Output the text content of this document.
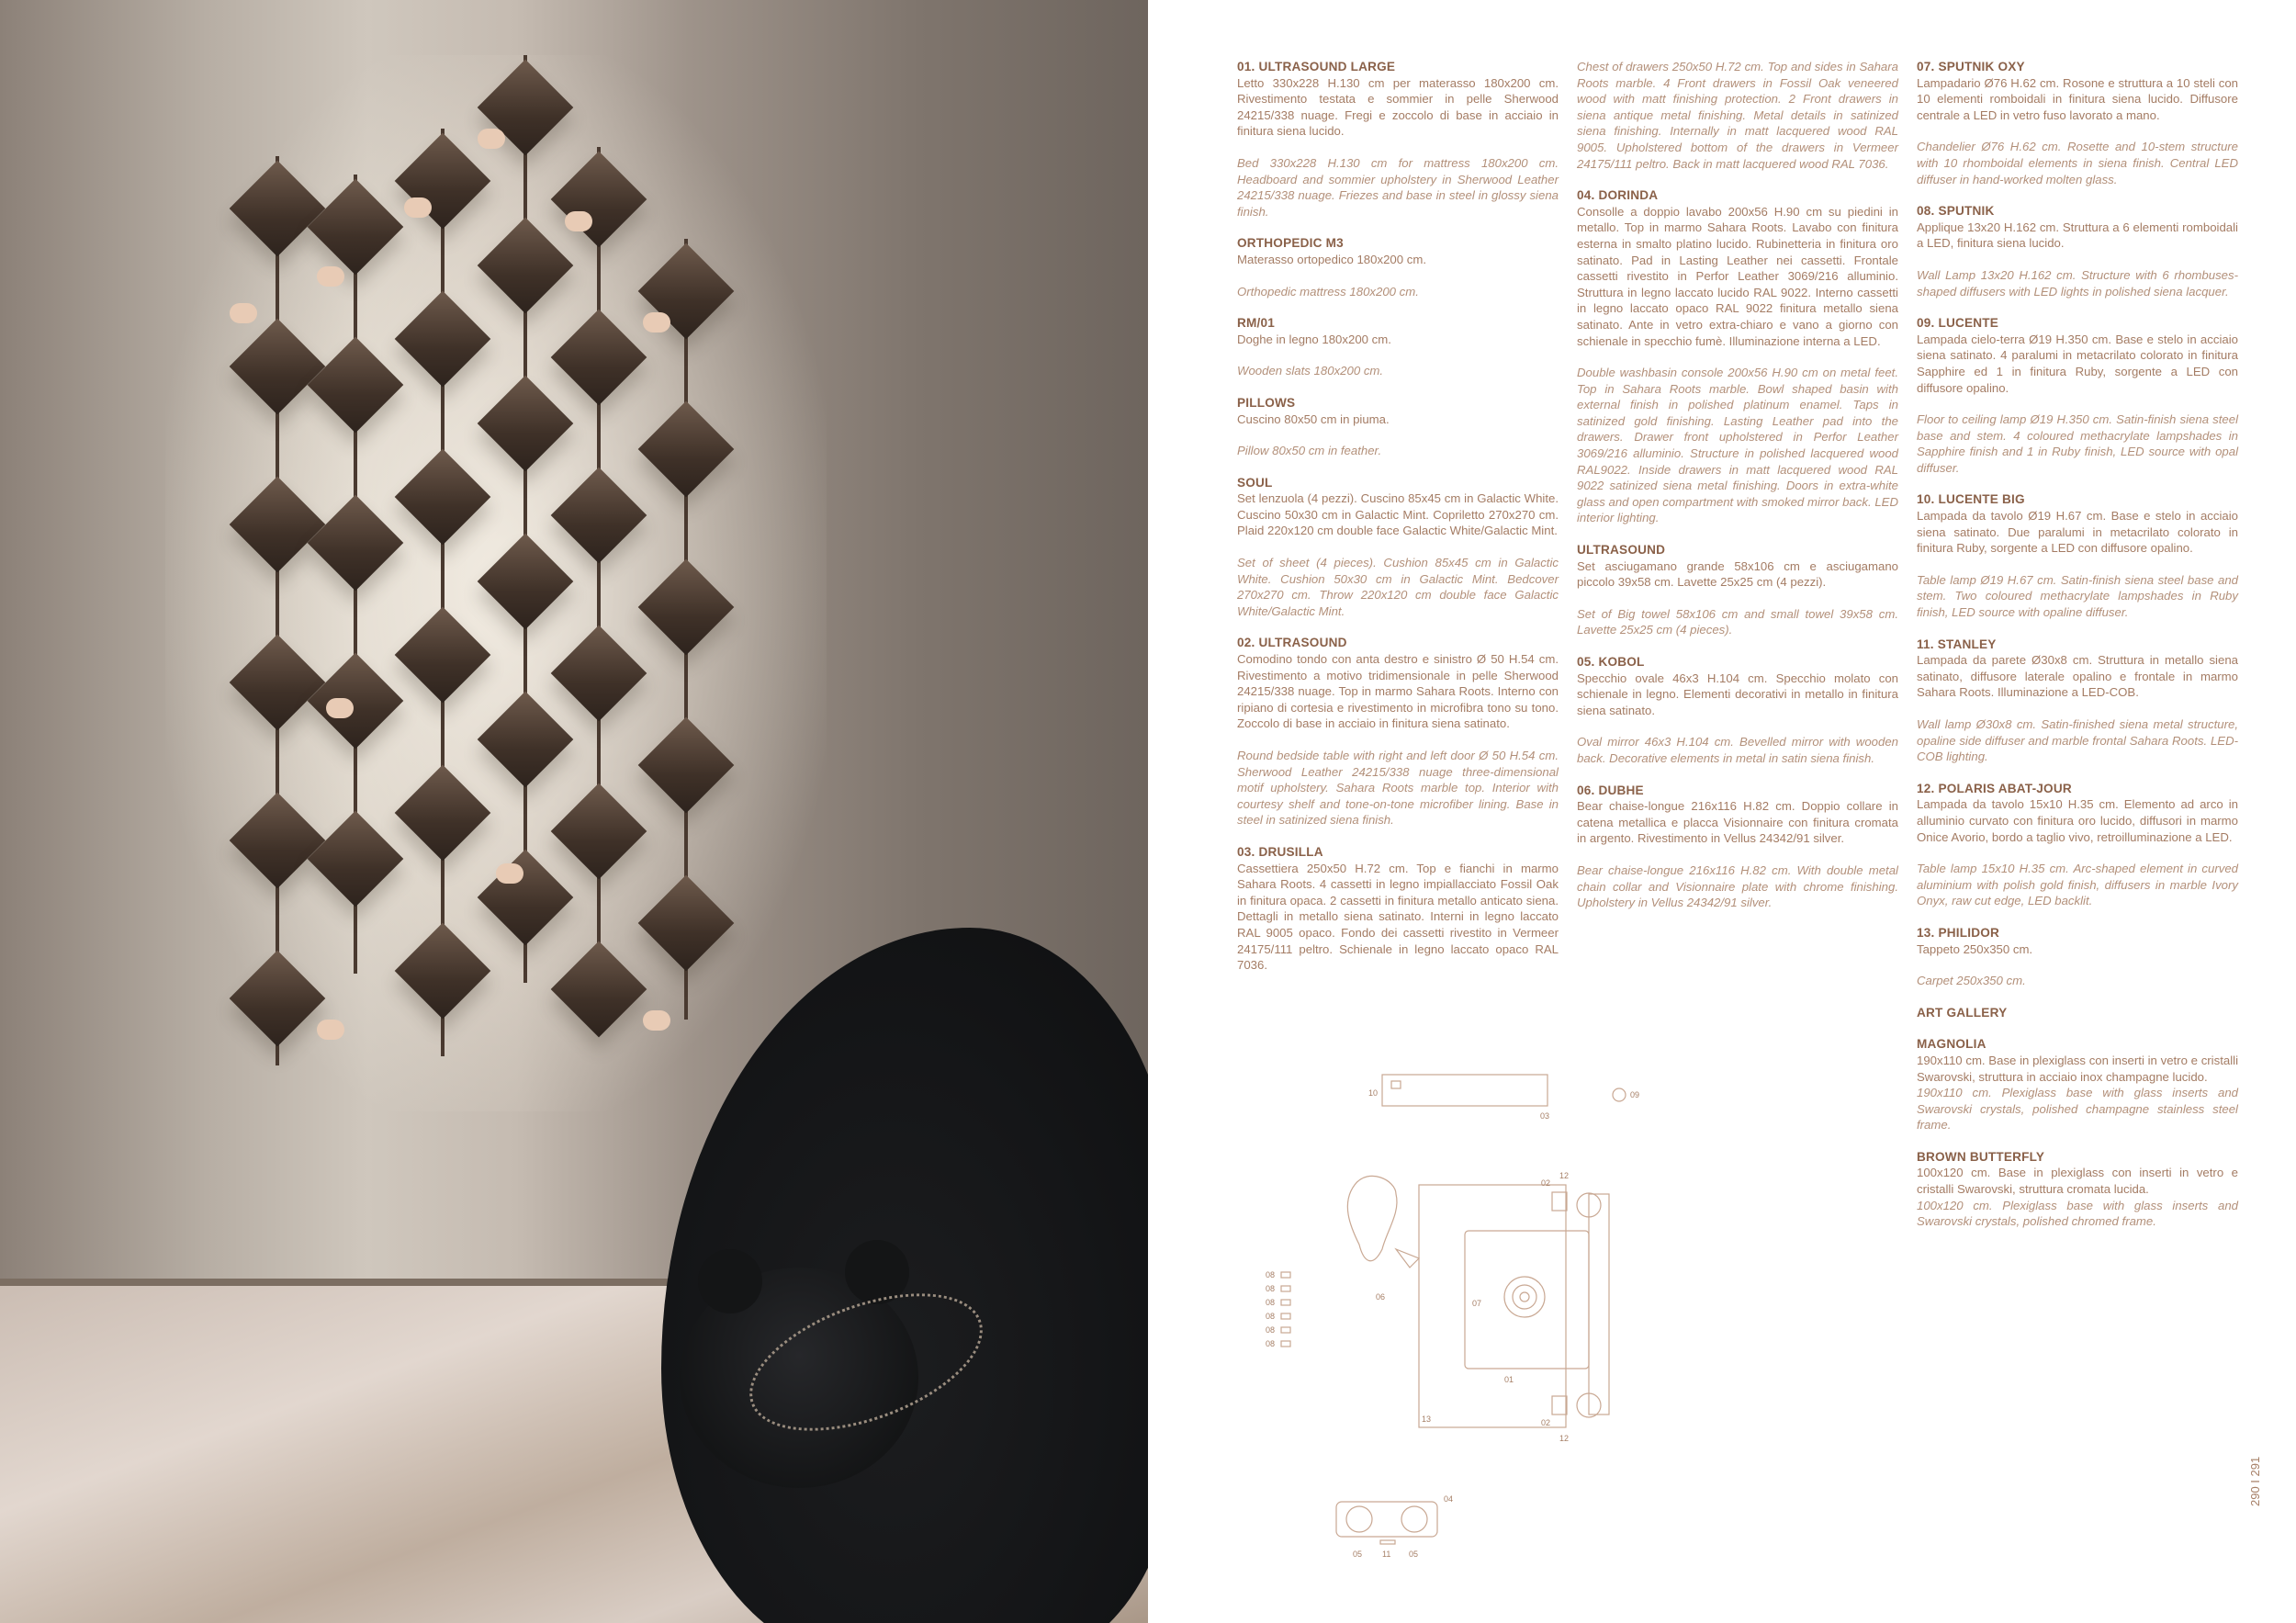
01. ULTRASOUND LARGE

Letto 330x228 H.130 cm per materasso 180x200 cm. Rivestimento testata e sommier in pelle Sherwood 24215/338 nuage. Fregi e zoccolo di base in acciaio in finitura siena lucido.

Bed 330x228 H.130 cm for mattress 180x200 cm. Headboard and sommier upholstery in Sherwood Leather 24215/338 nuage. Friezes and base in steel in glossy siena finish.

ORTHOPEDIC M3

Materasso ortopedico 180x200 cm.

Orthopedic mattress 180x200 cm.

RM/01

Doghe in legno 180x200 cm.

Wooden slats 180x200 cm.

PILLOWS

Cuscino 80x50 cm in piuma.

Pillow 80x50 cm in feather.

SOUL

Set lenzuola (4 pezzi). Cuscino 85x45 cm in Galactic White. Cuscino 50x30 cm in Galactic Mint. Copriletto 270x270 cm. Plaid 220x120 cm double face Galactic White/Galactic Mint.

Set of sheet (4 pieces). Cushion 85x45 cm in Galactic White. Cushion 50x30 cm in Galactic Mint. Bedcover 270x270 cm. Throw 220x120 cm double face Galactic White/Galactic Mint.

02. ULTRASOUND

Comodino tondo con anta destro e sinistro Ø 50 H.54 cm. Rivestimento a motivo tridimensionale in pelle Sherwood 24215/338 nuage. Top in marmo Sahara Roots. Interno con ripiano di cortesia e rivestimento in microfibra tono su tono. Zoccolo di base in acciaio in finitura siena satinato.

Round bedside table with right and left door Ø 50 H.54 cm. Sherwood Leather 24215/338 nuage three-dimensional motif upholstery. Sahara Roots marble top. Interior with courtesy shelf and tone-on-tone microfiber lining. Base in steel in satinized siena finish.

03. DRUSILLA

Cassettiera 250x50 H.72 cm. Top e fianchi in marmo Sahara Roots. 4 cassetti in legno impiallacciato Fossil Oak in finitura opaca. 2 cassetti in finitura metallo anticato siena. Dettagli in metallo siena satinato. Interni in legno laccato RAL 9005 opaco. Fondo dei cassetti rivestito in Vermeer 24175/111 peltro. Schienale in legno laccato opaco RAL 7036.

Chest of drawers 250x50 H.72 cm. Top and sides in Sahara Roots marble. 4 Front drawers in Fossil Oak veneered wood with matt finishing protection. 2 Front drawers in siena antique metal finishing. Metal details in satinized siena finishing. Internally in matt lacquered wood RAL 9005. Upholstered bottom of the drawers in Vermeer 24175/111 peltro. Back in matt lacquered wood RAL 7036.

04. DORINDA

Consolle a doppio lavabo 200x56 H.90 cm su piedini in metallo. Top in marmo Sahara Roots. Lavabo con finitura esterna in smalto platino lucido. Rubinetteria in finitura oro satinato. Pad in Lasting Leather nei cassetti. Frontale cassetti rivestito in Perfor Leather 3069/216 alluminio. Struttura in legno laccato lucido RAL 9022. Interno cassetti in legno laccato opaco RAL 9022 finitura metallo siena satinato. Ante in vetro extra-chiaro e vano a giorno con schienale in specchio fumè. Illuminazione interna a LED.

Double washbasin console 200x56 H.90 cm on metal feet. Top in Sahara Roots marble. Bowl shaped basin with external finish in polished platinum enamel. Taps in satinized gold finishing. Lasting Leather pad into the drawers. Drawer front upholstered in Perfor Leather 3069/216 alluminio. Structure in polished lacquered wood RAL9022. Inside drawers in matt lacquered wood RAL 9022 satinized siena metal finishing. Doors in extra-white glass and open compartment with smoked mirror back. LED interior lighting.

ULTRASOUND

Set asciugamano grande 58x106 cm e asciugamano piccolo 39x58 cm. Lavette 25x25 cm (4 pezzi).

Set of Big towel 58x106 cm and small towel 39x58 cm. Lavette 25x25 cm (4 pieces).

05. KOBOL

Specchio ovale 46x3 H.104 cm. Specchio molato con schienale in legno. Elementi decorativi in metallo in finitura siena satinato.

Oval mirror 46x3 H.104 cm. Bevelled mirror with wooden back. Decorative elements in metal in satin siena finish.

06. DUBHE

Bear chaise-longue 216x116 H.82 cm. Doppio collare in catena metallica e placca Visionnaire con finitura cromata in argento. Rivestimento in Vellus 24342/91 silver.

Bear chaise-longue 216x116 H.82 cm. With double metal chain collar and Visionnaire plate with chrome finishing. Upholstery in Vellus 24342/91 silver.

07. SPUTNIK OXY

Lampadario Ø76 H.62 cm. Rosone e struttura a 10 steli con 10 elementi romboidali in finitura siena lucido. Diffusore centrale a LED in vetro fuso lavorato a mano.

Chandelier Ø76 H.62 cm. Rosette and 10-stem structure with 10 rhomboidal elements in siena finish. Central LED diffuser in hand-worked molten glass.

08. SPUTNIK

Applique 13x20 H.162 cm. Struttura a 6 elementi romboidali a LED, finitura siena lucido.

Wall Lamp 13x20 H.162 cm. Structure with 6 rhombuses-shaped diffusers with LED lights in polished siena lacquer.

09. LUCENTE

Lampada cielo-terra Ø19 H.350 cm. Base e stelo in acciaio siena satinato. 4 paralumi in metacrilato colorato in finitura Sapphire ed 1 in finitura Ruby, sorgente a LED con diffusore opalino.

Floor to ceiling lamp Ø19 H.350 cm. Satin-finish siena steel base and stem. 4 coloured methacrylate lampshades in Sapphire finish and 1 in Ruby finish, LED source with opal diffuser.

10. LUCENTE BIG

Lampada da tavolo Ø19 H.67 cm. Base e stelo in acciaio siena satinato. Due paralumi in metacrilato colorato in finitura Ruby, sorgente a LED con diffusore opalino.

Table lamp Ø19 H.67 cm. Satin-finish siena steel base and stem. Two coloured methacrylate lampshades in Ruby finish, LED source with opaline diffuser.

11. STANLEY

Lampada da parete Ø30x8 cm. Struttura in metallo siena satinato, diffusore laterale opalino e frontale in marmo Sahara Roots. Illuminazione a LED-COB.

Wall lamp Ø30x8 cm. Satin-finished siena metal structure, opaline side diffuser and marble frontal Sahara Roots. LED-COB lighting.

12. POLARIS ABAT-JOUR

Lampada da tavolo 15x10 H.35 cm. Elemento ad arco in alluminio curvato con finitura oro lucido, diffusori in marmo Onice Avorio, bordo a taglio vivo, retroilluminazione a LED.

Table lamp 15x10 H.35 cm. Arc-shaped element in curved aluminium with polish gold finish, diffusers in marble Ivory Onyx, raw cut edge, LED backlit.

13. PHILIDOR

Tappeto 250x350 cm.

Carpet 250x350 cm.

ART GALLERY
MAGNOLIA

190x110 cm. Base in plexiglass con inserti in vetro e cristalli Swarovski, struttura in acciaio inox champagne lucido.

190x110 cm. Plexiglass base with glass inserts and Swarovski crystals, polished champagne stainless steel frame.

BROWN BUTTERFLY

100x120 cm. Base in plexiglass con inserti in vetro e cristalli Swarovski, struttura cromata lucida.

100x120 cm. Plexiglass base with glass inserts and Swarovski crystals, polished chromed frame.

10
03
09
02
12
08
08
08
08
08
08
06
07
01
13	02
12
04
05 11 05
290 I 291
